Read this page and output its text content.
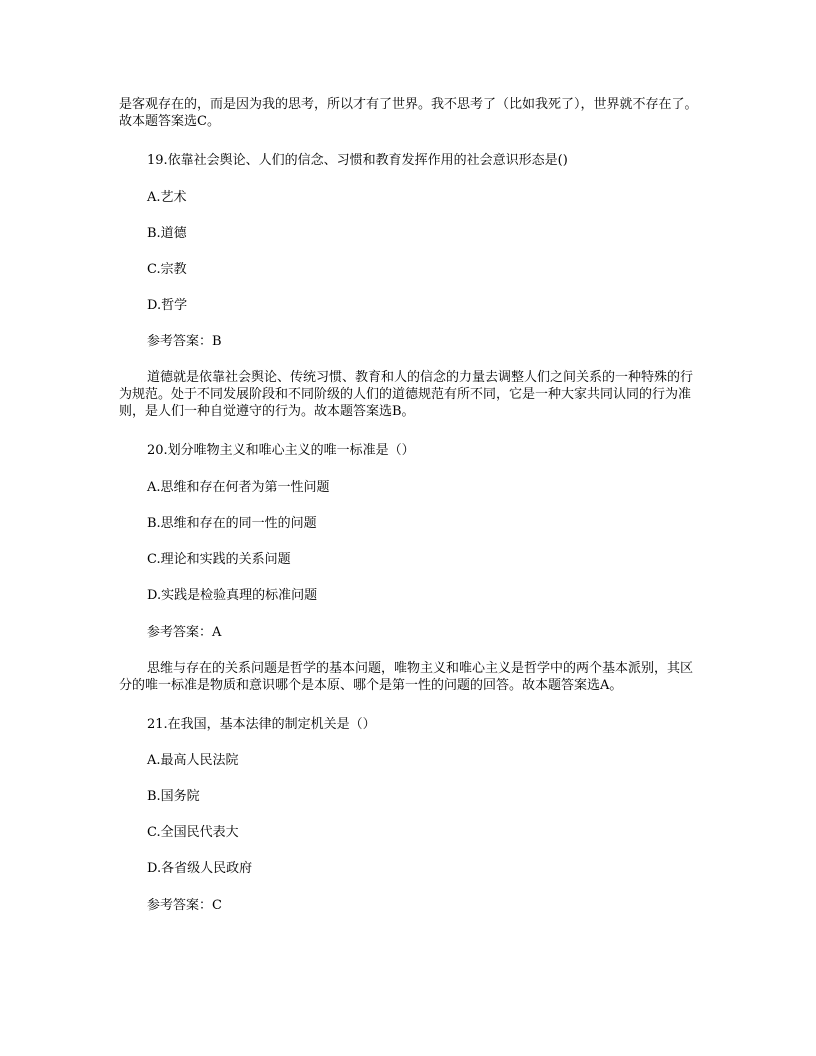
是客观存在的，而是因为我的思考，所以才有了世界。我不思考了（比如我死了），世界就不存在了。故本题答案选C。
19.依靠社会舆论、人们的信念、习惯和教育发挥作用的社会意识形态是()
A.艺术
B.道德
C.宗教
D.哲学
参考答案：B
道德就是依靠社会舆论、传统习惯、教育和人的信念的力量去调整人们之间关系的一种特殊的行为规范。处于不同发展阶段和不同阶级的人们的道德规范有所不同，它是一种大家共同认同的行为准则，是人们一种自觉遵守的行为。故本题答案选B。
20.划分唯物主义和唯心主义的唯一标准是（）
A.思维和存在何者为第一性问题
B.思维和存在的同一性的问题
C.理论和实践的关系问题
D.实践是检验真理的标准问题
参考答案：A
思维与存在的关系问题是哲学的基本问题，唯物主义和唯心主义是哲学中的两个基本派别，其区分的唯一标准是物质和意识哪个是本原、哪个是第一性的问题的回答。故本题答案选A。
21.在我国，基本法律的制定机关是（）
A.最高人民法院
B.国务院
C.全国民代表大
D.各省级人民政府
参考答案：C
